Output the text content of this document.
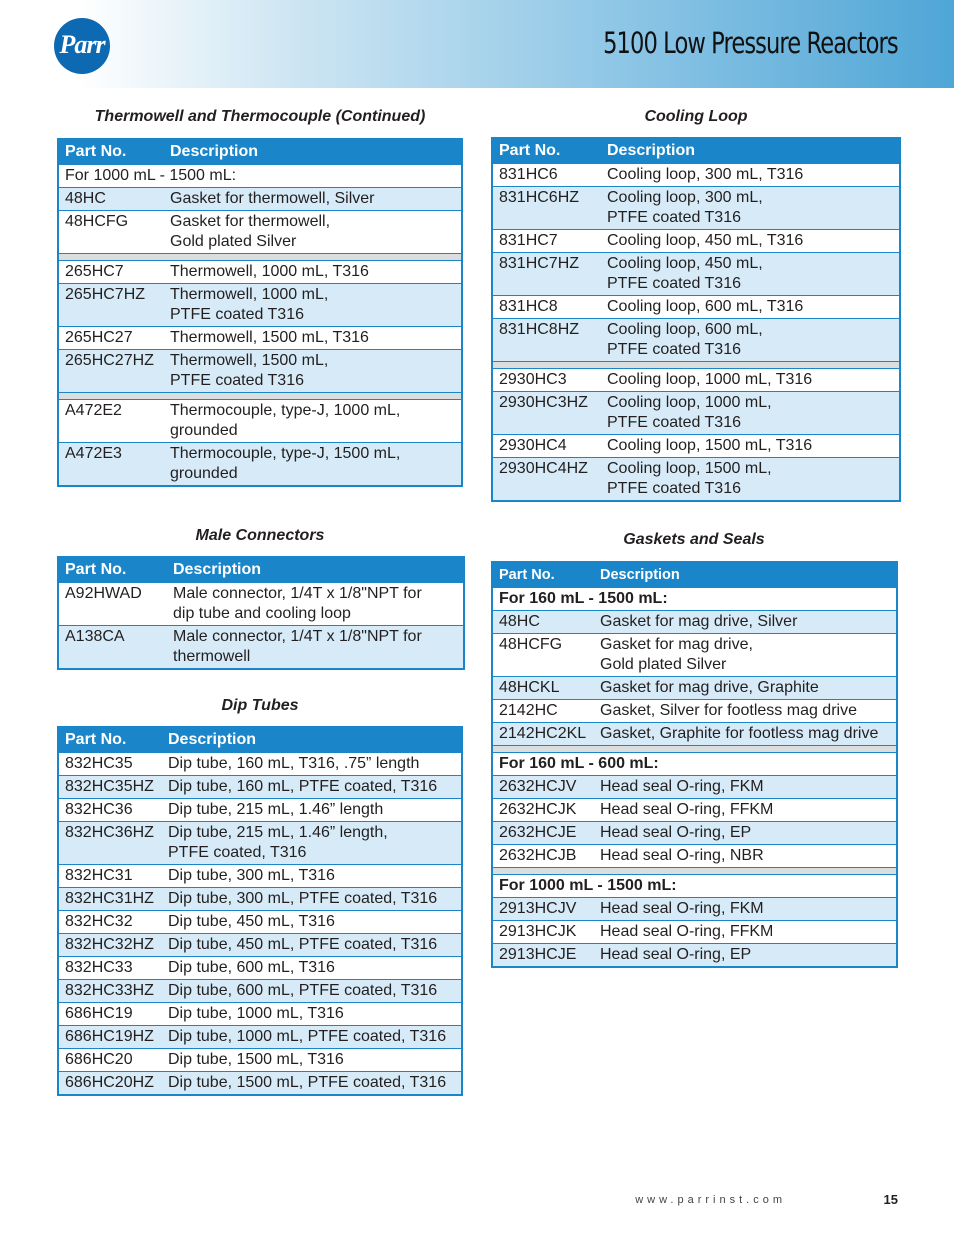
Parr	5100 Low Pressure Reactors
Thermowell and Thermocouple (Continued)
Part No.	Description
For 1000 mL - 1500 mL:	
48HC	Gasket for thermowell, Silver
48HCFG	Gasket for thermowell,
Gold plated Silver

265HC7	Thermowell, 1000 mL, T316
265HC7HZ	Thermowell, 1000 mL,
PTFE coated T316
265HC27	Thermowell, 1500 mL, T316
265HC27HZ	Thermowell, 1500 mL,
PTFE coated T316

A472E2	Thermocouple, type-J, 1000 mL,
grounded
A472E3	Thermocouple, type-J, 1500 mL,
grounded
Male Connectors
Part No.	Description
A92HWAD	Male connector, 1/4T x 1/8"NPT for
dip tube and cooling loop
A138CA	Male connector, 1/4T x 1/8"NPT for
thermowell
Dip Tubes
Part No.	Description
832HC35	Dip tube, 160 mL, T316, .75” length
832HC35HZ	Dip tube, 160 mL, PTFE coated, T316
832HC36	Dip tube, 215 mL, 1.46” length
832HC36HZ	Dip tube, 215 mL, 1.46” length,
PTFE coated, T316
832HC31	Dip tube, 300 mL, T316
832HC31HZ	Dip tube, 300 mL, PTFE coated, T316
832HC32	Dip tube, 450 mL, T316
832HC32HZ	Dip tube, 450 mL, PTFE coated, T316
832HC33	Dip tube, 600 mL, T316
832HC33HZ	Dip tube, 600 mL, PTFE coated, T316
686HC19	Dip tube, 1000 mL, T316
686HC19HZ	Dip tube, 1000 mL, PTFE coated, T316
686HC20	Dip tube, 1500 mL, T316
686HC20HZ	Dip tube, 1500 mL, PTFE coated, T316
Cooling Loop
Part No.	Description
831HC6	Cooling loop, 300 mL, T316
831HC6HZ	Cooling loop, 300 mL,
PTFE coated T316
831HC7	Cooling loop, 450 mL, T316
831HC7HZ	Cooling loop, 450 mL,
PTFE coated T316
831HC8	Cooling loop, 600 mL, T316
831HC8HZ	Cooling loop, 600 mL,
PTFE coated T316

2930HC3	Cooling loop, 1000 mL, T316
2930HC3HZ	Cooling loop, 1000 mL,
PTFE coated T316
2930HC4	Cooling loop, 1500 mL, T316
2930HC4HZ	Cooling loop, 1500 mL,
PTFE coated T316
Gaskets and Seals
Part No.	Description
For 160 mL - 1500 mL:	
48HC	Gasket for mag drive, Silver
48HCFG	Gasket for mag drive,
Gold plated Silver
48HCKL	Gasket for mag drive, Graphite
2142HC	Gasket, Silver for footless mag drive
2142HC2KL	Gasket, Graphite for footless mag drive

For 160 mL - 600 mL:	
2632HCJV	Head seal O-ring, FKM
2632HCJK	Head seal O-ring, FFKM
2632HCJE	Head seal O-ring, EP
2632HCJB	Head seal O-ring, NBR

For 1000 mL - 1500 mL:	
2913HCJV	Head seal O-ring, FKM
2913HCJK	Head seal O-ring, FFKM
2913HCJE	Head seal O-ring, EP
www.parrinst.com	15
